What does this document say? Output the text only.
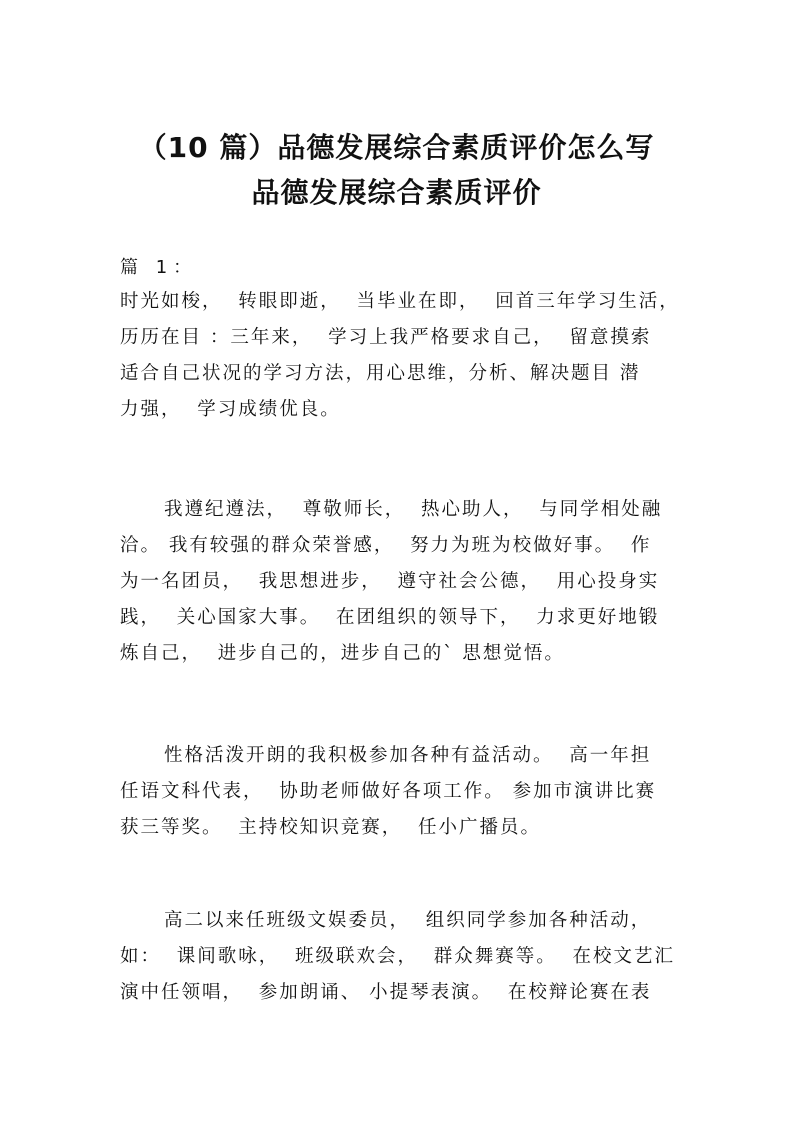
（10 篇）品德发展综合素质评价怎么写
品德发展综合素质评价
篇 1：
时光如梭，  转眼即逝，  当毕业在即，  回首三年学习生活，
历历在目 ：三年来，  学习上我严格要求自己，  留意摸索
适合自己状况的学习方法，用心思维，分析、解决题目 潜
力强，  学习成绩优良。
我遵纪遵法，  尊敬师长，  热心助人，  与同学相处融
洽。 我有较强的群众荣誉感，  努力为班为校做好事。  作
为一名团员，  我思想进步，  遵守社会公德，  用心投身实
践，  关心国家大事。  在团组织的领导下，  力求更好地锻
炼自己，  进步自己的，进步自己的` 思想觉悟。
性格活泼开朗的我积极参加各种有益活动。  高一年担
任语文科代表，  协助老师做好各项工作。 参加市演讲比赛
获三等奖。  主持校知识竞赛，  任小广播员。
高二以来任班级文娱委员，  组织同学参加各种活动，
如：  课间歌咏，  班级联欢会，  群众舞赛等。  在校文艺汇
演中任领唱，  参加朗诵、 小提琴表演。  在校辩论赛在表
